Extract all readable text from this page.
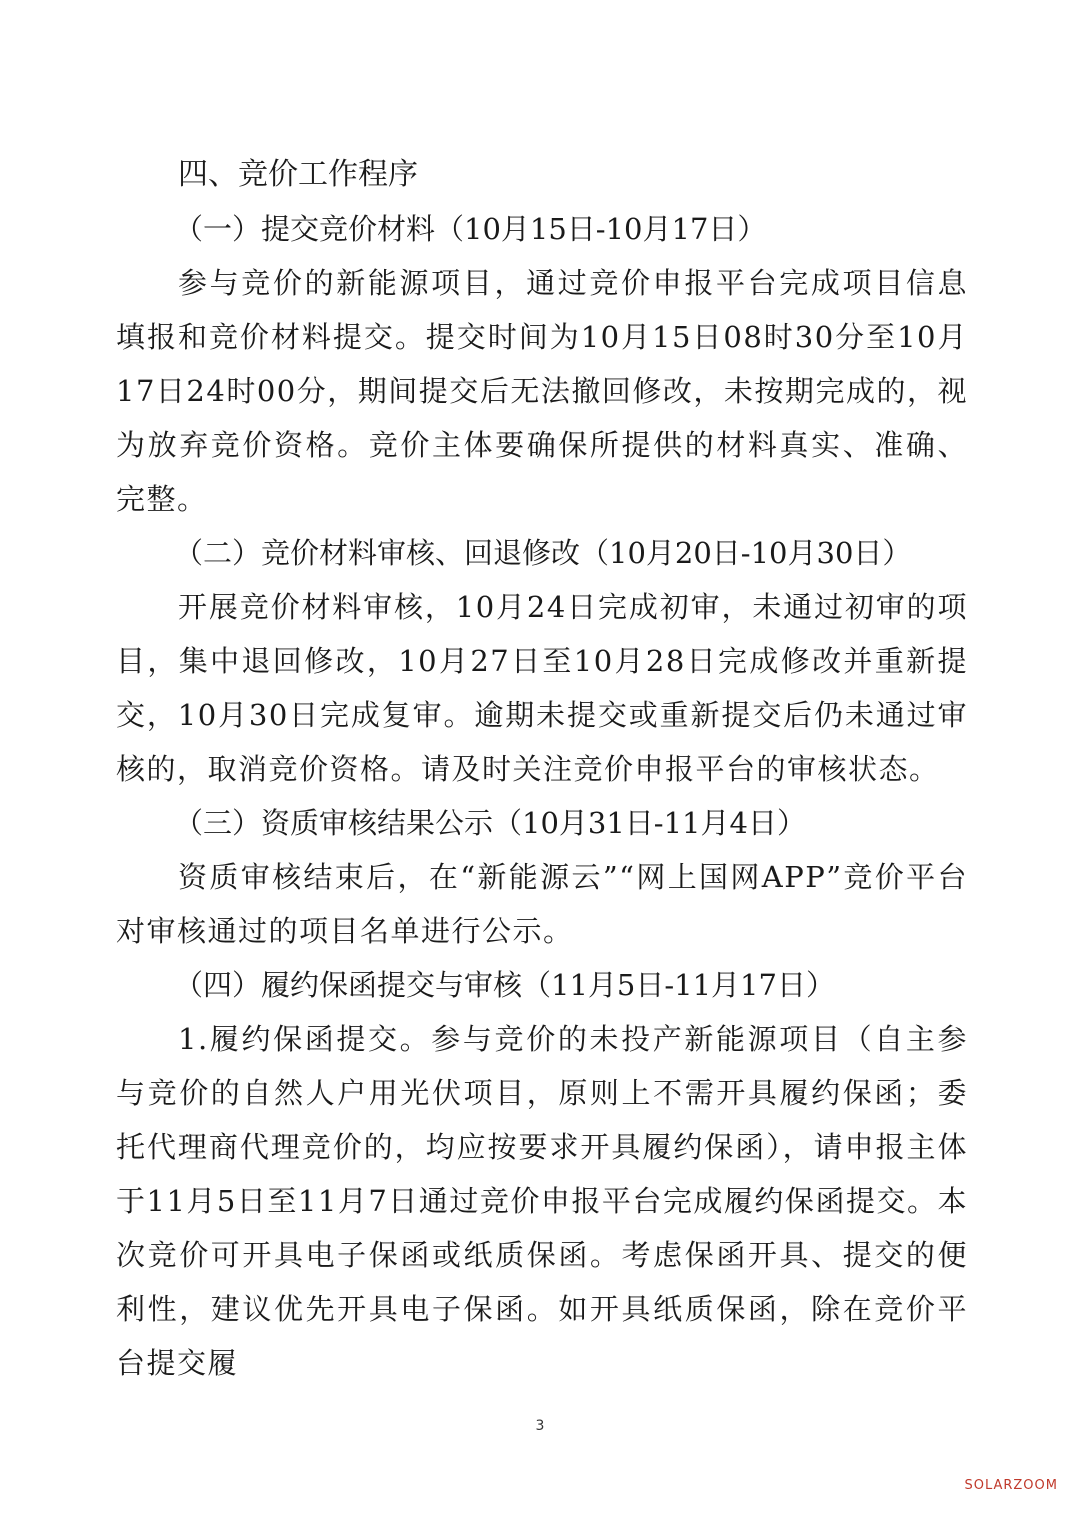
四、竞价工作程序
（一）提交竞价材料（10月15日-10月17日）

参与竞价的新能源项目，通过竞价申报平台完成项目信息填报和竞价材料提交。提交时间为10月15日08时30分至10月17日24时00分，期间提交后无法撤回修改，未按期完成的，视为放弃竞价资格。竞价主体要确保所提供的材料真实、准确、完整。

（二）竞价材料审核、回退修改（10月20日-10月30日）

开展竞价材料审核，10月24日完成初审，未通过初审的项目，集中退回修改，10月27日至10月28日完成修改并重新提交，10月30日完成复审。逾期未提交或重新提交后仍未通过审核的，取消竞价资格。请及时关注竞价申报平台的审核状态。

（三）资质审核结果公示（10月31日-11月4日）

资质审核结束后，在“新能源云”“网上国网APP”竞价平台对审核通过的项目名单进行公示。

（四）履约保函提交与审核（11月5日-11月17日）

1.履约保函提交。参与竞价的未投产新能源项目（自主参与竞价的自然人户用光伏项目，原则上不需开具履约保函；委托代理商代理竞价的，均应按要求开具履约保函），请申报主体于11月5日至11月7日通过竞价申报平台完成履约保函提交。本次竞价可开具电子保函或纸质保函。考虑保函开具、提交的便利性，建议优先开具电子保函。如开具纸质保函，除在竞价平台提交履

3
SOLARZOOM
